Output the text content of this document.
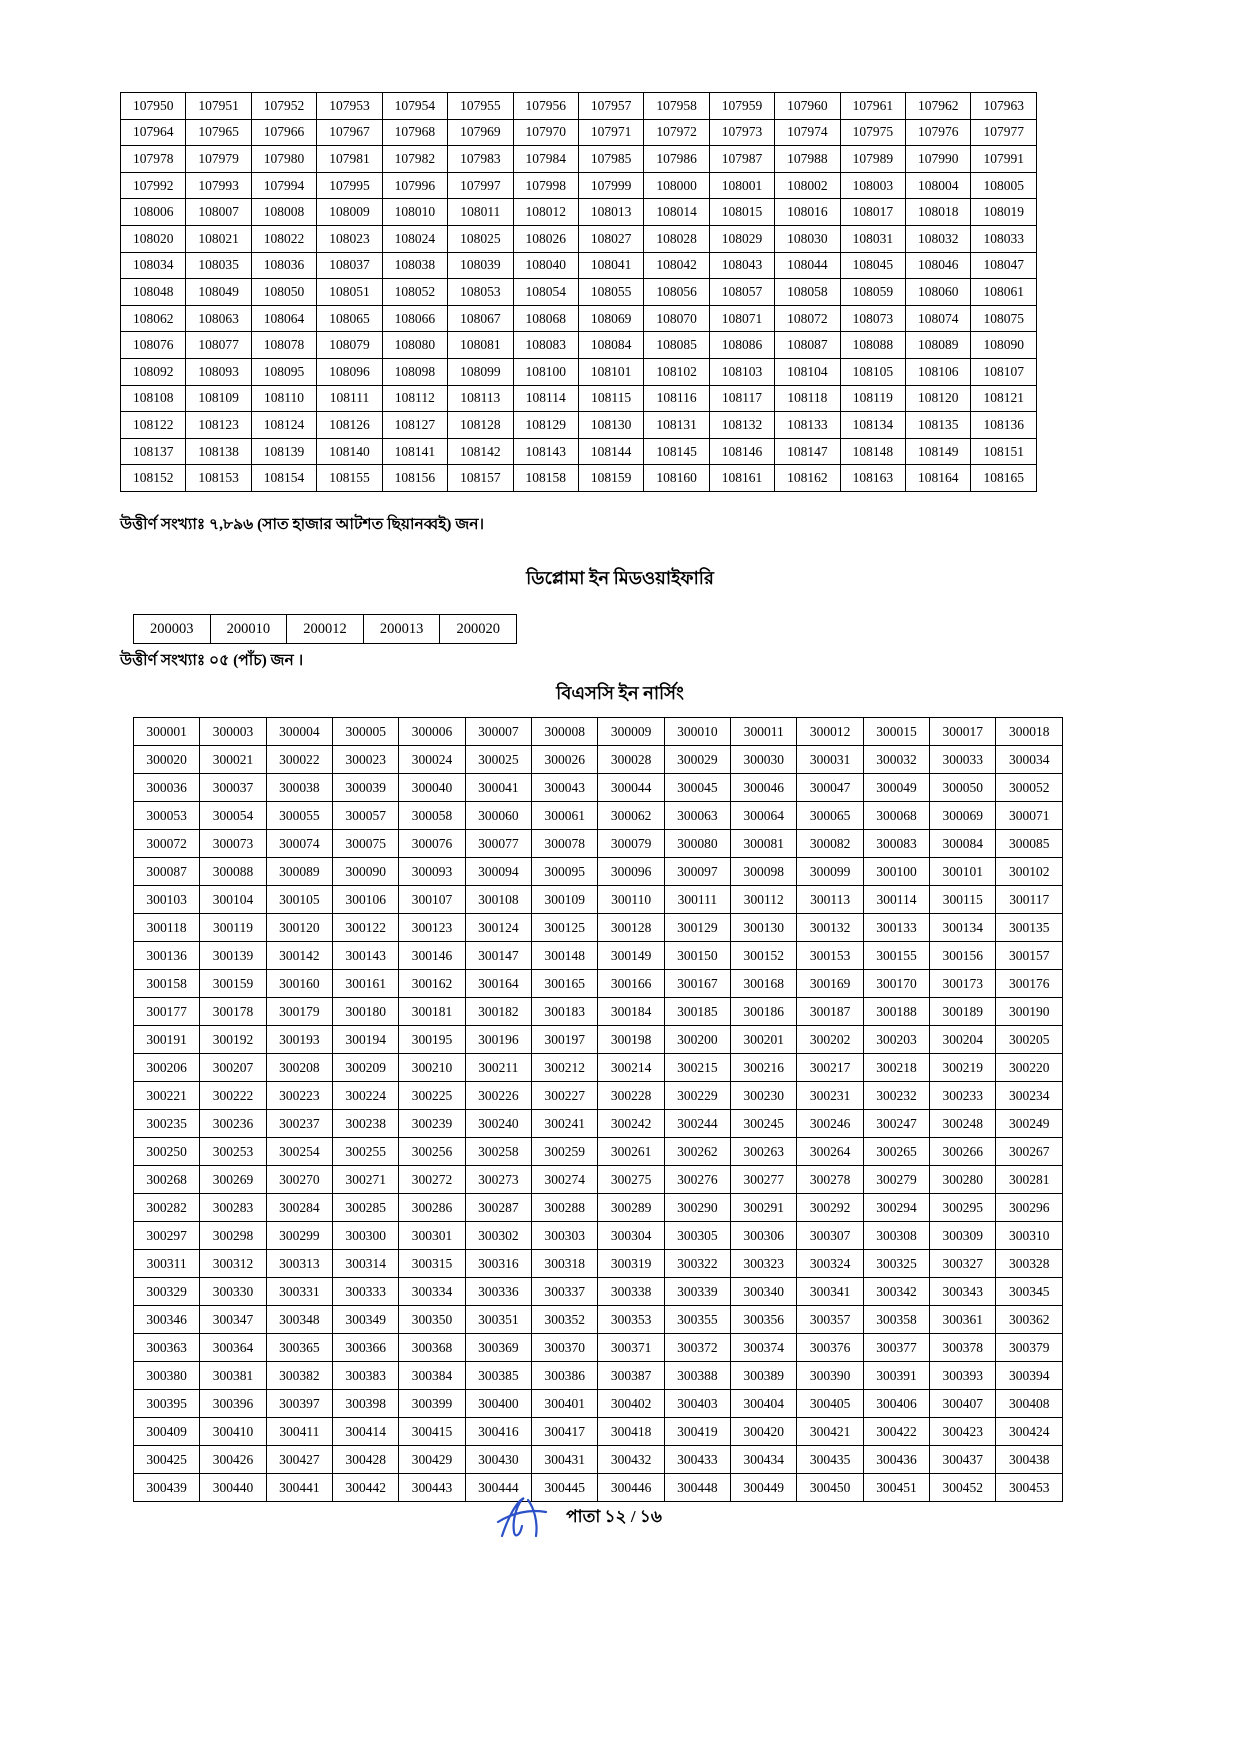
107950	107951	107952	107953	107954	107955	107956	107957	107958	107959	107960	107961	107962	107963
107964	107965	107966	107967	107968	107969	107970	107971	107972	107973	107974	107975	107976	107977
107978	107979	107980	107981	107982	107983	107984	107985	107986	107987	107988	107989	107990	107991
107992	107993	107994	107995	107996	107997	107998	107999	108000	108001	108002	108003	108004	108005
108006	108007	108008	108009	108010	108011	108012	108013	108014	108015	108016	108017	108018	108019
108020	108021	108022	108023	108024	108025	108026	108027	108028	108029	108030	108031	108032	108033
108034	108035	108036	108037	108038	108039	108040	108041	108042	108043	108044	108045	108046	108047
108048	108049	108050	108051	108052	108053	108054	108055	108056	108057	108058	108059	108060	108061
108062	108063	108064	108065	108066	108067	108068	108069	108070	108071	108072	108073	108074	108075
108076	108077	108078	108079	108080	108081	108083	108084	108085	108086	108087	108088	108089	108090
108092	108093	108095	108096	108098	108099	108100	108101	108102	108103	108104	108105	108106	108107
108108	108109	108110	108111	108112	108113	108114	108115	108116	108117	108118	108119	108120	108121
108122	108123	108124	108126	108127	108128	108129	108130	108131	108132	108133	108134	108135	108136
108137	108138	108139	108140	108141	108142	108143	108144	108145	108146	108147	108148	108149	108151
108152	108153	108154	108155	108156	108157	108158	108159	108160	108161	108162	108163	108164	108165

উত্তীর্ণ সংখ্যাঃ ৭,৮৯৬ (সাত হাজার আটশত ছিয়ানব্বই) জন।

ডিপ্লোমা ইন মিডওয়াইফারি
200003	200010	200012	200013	200020

উত্তীর্ণ সংখ্যাঃ ০৫ (পাঁচ) জন ।

বিএসসি ইন নার্সিং
300001	300003	300004	300005	300006	300007	300008	300009	300010	300011	300012	300015	300017	300018
300020	300021	300022	300023	300024	300025	300026	300028	300029	300030	300031	300032	300033	300034
300036	300037	300038	300039	300040	300041	300043	300044	300045	300046	300047	300049	300050	300052
300053	300054	300055	300057	300058	300060	300061	300062	300063	300064	300065	300068	300069	300071
300072	300073	300074	300075	300076	300077	300078	300079	300080	300081	300082	300083	300084	300085
300087	300088	300089	300090	300093	300094	300095	300096	300097	300098	300099	300100	300101	300102
300103	300104	300105	300106	300107	300108	300109	300110	300111	300112	300113	300114	300115	300117
300118	300119	300120	300122	300123	300124	300125	300128	300129	300130	300132	300133	300134	300135
300136	300139	300142	300143	300146	300147	300148	300149	300150	300152	300153	300155	300156	300157
300158	300159	300160	300161	300162	300164	300165	300166	300167	300168	300169	300170	300173	300176
300177	300178	300179	300180	300181	300182	300183	300184	300185	300186	300187	300188	300189	300190
300191	300192	300193	300194	300195	300196	300197	300198	300200	300201	300202	300203	300204	300205
300206	300207	300208	300209	300210	300211	300212	300214	300215	300216	300217	300218	300219	300220
300221	300222	300223	300224	300225	300226	300227	300228	300229	300230	300231	300232	300233	300234
300235	300236	300237	300238	300239	300240	300241	300242	300244	300245	300246	300247	300248	300249
300250	300253	300254	300255	300256	300258	300259	300261	300262	300263	300264	300265	300266	300267
300268	300269	300270	300271	300272	300273	300274	300275	300276	300277	300278	300279	300280	300281
300282	300283	300284	300285	300286	300287	300288	300289	300290	300291	300292	300294	300295	300296
300297	300298	300299	300300	300301	300302	300303	300304	300305	300306	300307	300308	300309	300310
300311	300312	300313	300314	300315	300316	300318	300319	300322	300323	300324	300325	300327	300328
300329	300330	300331	300333	300334	300336	300337	300338	300339	300340	300341	300342	300343	300345
300346	300347	300348	300349	300350	300351	300352	300353	300355	300356	300357	300358	300361	300362
300363	300364	300365	300366	300368	300369	300370	300371	300372	300374	300376	300377	300378	300379
300380	300381	300382	300383	300384	300385	300386	300387	300388	300389	300390	300391	300393	300394
300395	300396	300397	300398	300399	300400	300401	300402	300403	300404	300405	300406	300407	300408
300409	300410	300411	300414	300415	300416	300417	300418	300419	300420	300421	300422	300423	300424
300425	300426	300427	300428	300429	300430	300431	300432	300433	300434	300435	300436	300437	300438
300439	300440	300441	300442	300443	300444	300445	300446	300448	300449	300450	300451	300452	300453
পাতা ১২ / ১৬
